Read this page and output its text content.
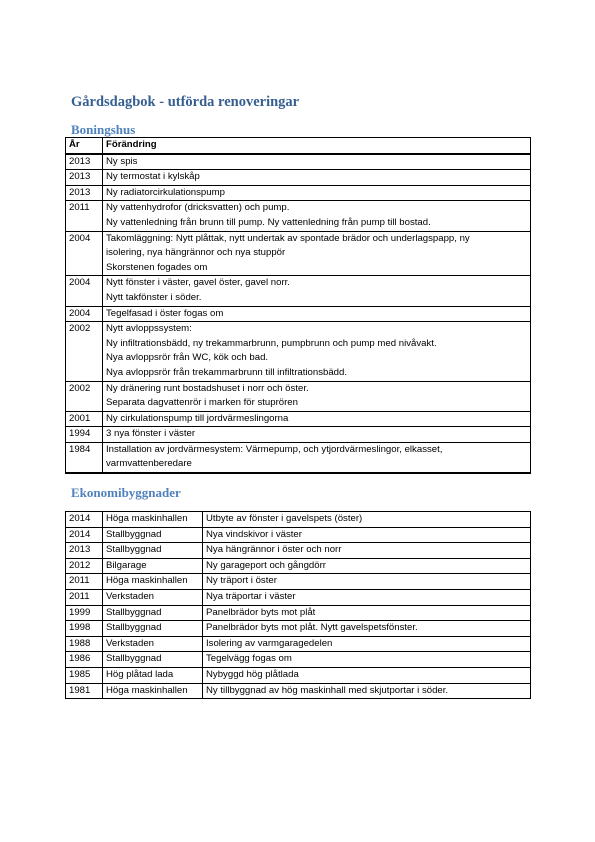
Gårdsdagbok - utförda renoveringar
Boningshus
År	Förändring
2013	Ny spis

2013	Ny termostat i kylskåp

2013	Ny radiatorcirkulationspump

2011	Ny vattenhydrofor (dricksvatten) och pump.
Ny vattenledning från brunn till pump. Ny vattenledning från pump till bostad.

2004	Takomläggning: Nytt plåttak, nytt undertak av spontade brädor och underlagspapp, ny
isolering, nya hängrännor och nya stupрör
Skorstenen fogades om

2004	Nytt fönster i väster, gavel öster, gavel norr.
Nytt takfönster i söder.

2004	Tegelfasad i öster fogas om

2002	Nytt avloppssystem:
Ny infiltrationsbädd, ny trekammarbrunn, pumpbrunn och pump med nivåvakt.
Nya avloppsrör från WC, kök och bad.
Nya avloppsrör från trekammarbrunn till infiltrationsbädd.

2002	Ny dränering runt bostadshuset i norr och öster.
Separata dagvattenrör i marken för stuprören

2001	Ny cirkulationspump till jordvärmeslingorna

1994	3 nya fönster i väster

1984	Installation av jordvärmesystem: Värmepump, och ytjordvärmeslingor, elkasset,
varmvattenberedare
Ekonomibyggnader
2014	Höga maskinhallen	Utbyte av fönster i gavelspets (öster)
2014	Stallbyggnad	Nya vindskivor i väster
2013	Stallbyggnad	Nya hängrännor i öster och norr
2012	Bilgarage	Ny garageport och gångdörr
2011	Höga maskinhallen	Ny träport i öster
2011	Verkstaden	Nya träportar i väster
1999	Stallbyggnad	Panelbrädor byts mot plåt
1998	Stallbyggnad	Panelbrädor byts mot plåt. Nytt gavelspetsfönster.
1988	Verkstaden	Isolering av varmgaragedelen
1986	Stallbyggnad	Tegelvägg fogas om
1985	Hög plåtad lada	Nybyggd hög plåtlada
1981	Höga maskinhallen	Ny tillbyggnad av hög maskinhall med skjutportar i söder.
